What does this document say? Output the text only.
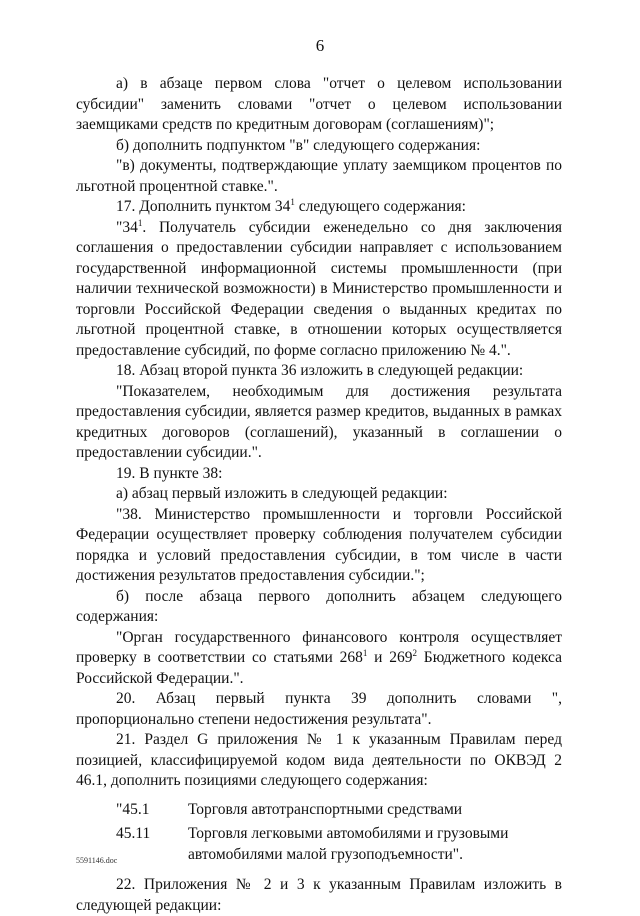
6

а) в абзаце первом слова "отчет о целевом использовании субсидии" заменить словами "отчет о целевом использовании заемщиками средств по кредитным договорам (соглашениям)";

б) дополнить подпунктом "в" следующего содержания:

"в) документы, подтверждающие уплату заемщиком процентов по льготной процентной ставке.".

17. Дополнить пунктом $34^1$ следующего содержания:

"$34^1$. Получатель субсидии еженедельно со дня заключения соглашения о предоставлении субсидии направляет с использованием государственной информационной системы промышленности (при наличии технической возможности) в Министерство промышленности и торговли Российской Федерации сведения о выданных кредитах по льготной процентной ставке, в отношении которых осуществляется предоставление субсидий, по форме согласно приложению № 4.".

18. Абзац второй пункта 36 изложить в следующей редакции:

"Показателем, необходимым для достижения результата предоставления субсидии, является размер кредитов, выданных в рамках кредитных договоров (соглашений), указанный в соглашении о предоставлении субсидии.".

19. В пункте 38:

а) абзац первый изложить в следующей редакции:

"38. Министерство промышленности и торговли Российской Федерации осуществляет проверку соблюдения получателем субсидии порядка и условий предоставления субсидии, в том числе в части достижения результатов предоставления субсидии.";

б) после абзаца первого дополнить абзацем следующего содержания:

"Орган государственного финансового контроля осуществляет проверку в соответствии со статьями $268^1$ и $269^2$ Бюджетного кодекса Российской Федерации.".

20. Абзац первый пункта 39 дополнить словами ", пропорционально степени недостижения результата".

21. Раздел G приложения № 1 к указанным Правилам перед позицией, классифицируемой кодом вида деятельности по ОКВЭД 2 46.1, дополнить позициями следующего содержания:

"45.1	Торговля автотранспортными средствами
45.11	Торговля легковыми автомобилями и грузовыми автомобилями малой грузоподъемности".

22. Приложения № 2 и 3 к указанным Правилам изложить в следующей редакции:

5591146.doc
